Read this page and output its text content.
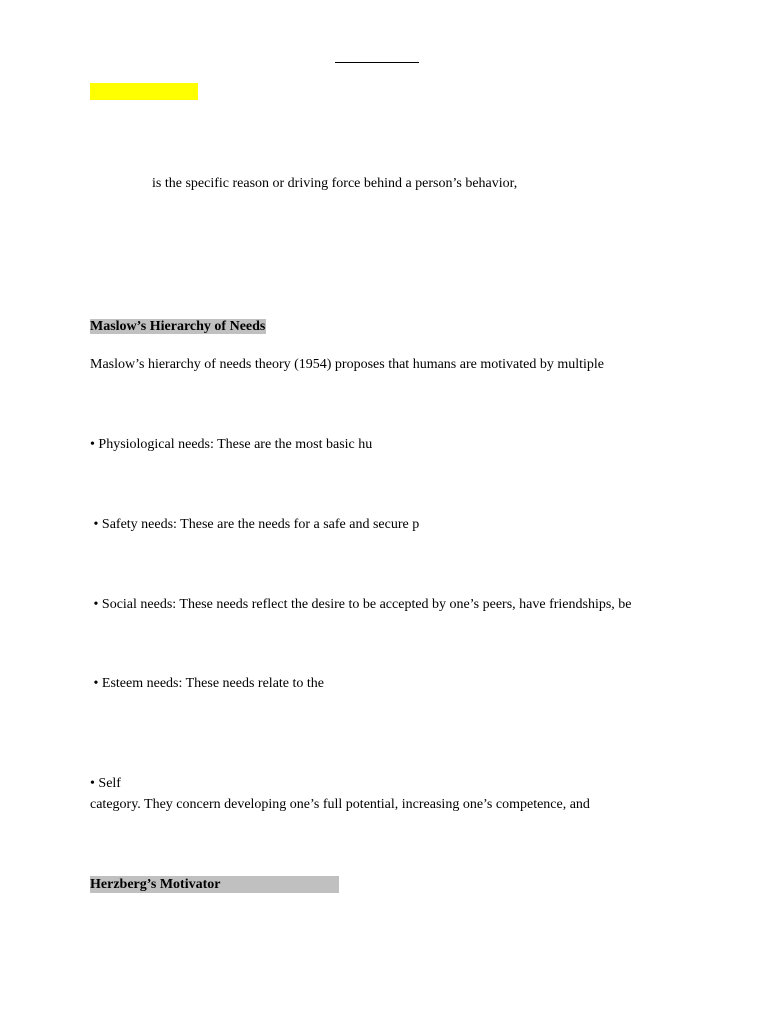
is the specific reason or driving force behind a person’s behavior,
Maslow’s Hierarchy of Needs
Maslow’s hierarchy of needs theory (1954) proposes that humans are motivated by multiple
• Physiological needs: These are the most basic hu
• Safety needs: These are the needs for a safe and secure p
• Social needs: These needs reflect the desire to be accepted by one’s peers, have friendships, be
• Esteem needs: These needs relate to the
• Self
category. They concern developing one’s full potential, increasing one’s competence, and
Herzberg’s Motivator
